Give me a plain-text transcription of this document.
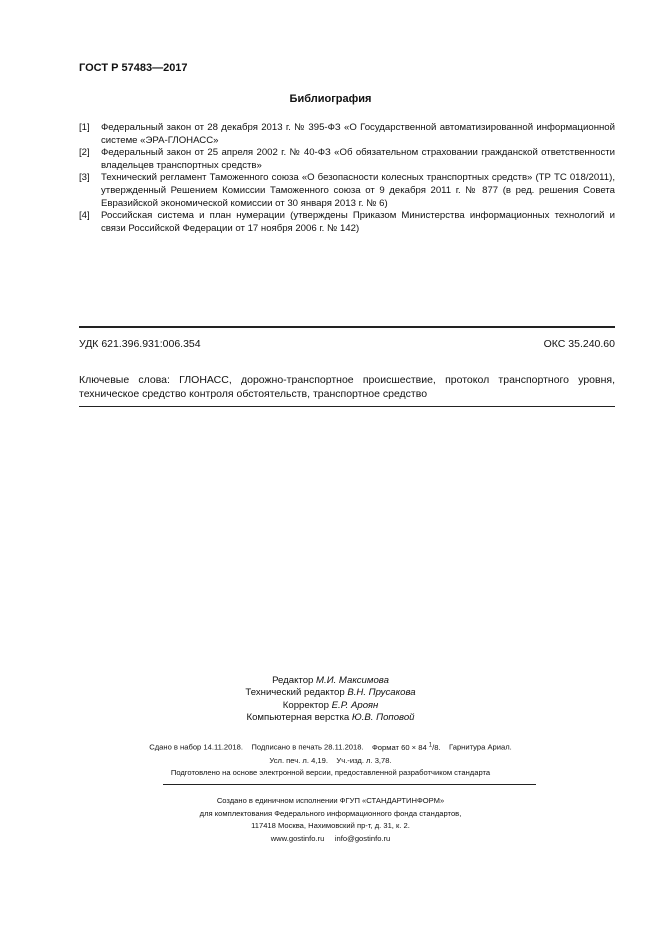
ГОСТ Р 57483—2017
Библиография
[1]	Федеральный закон от 28 декабря 2013 г. № 395-ФЗ «О Государственной автоматизированной информационной системе «ЭРА-ГЛОНАСС»
[2]	Федеральный закон от 25 апреля 2002 г. № 40-ФЗ «Об обязательном страховании гражданской ответственности владельцев транспортных средств»
[3]	Технический регламент Таможенного союза «О безопасности колесных транспортных средств» (ТР ТС 018/2011), утвержденный Решением Комиссии Таможенного союза от 9 декабря 2011 г. № 877 (в ред. решения Совета Евразийской экономической комиссии от 30 января 2013 г. № 6)
[4]	Российская система и план нумерации (утверждены Приказом Министерства информационных технологий и связи Российской Федерации от 17 ноября 2006 г. № 142)
УДК 621.396.931:006.354	ОКС 35.240.60
Ключевые слова: ГЛОНАСС, дорожно-транспортное происшествие, протокол транспортного уровня, техническое средство контроля обстоятельств, транспортное средство
Редактор М.И. Максимова
Технический редактор В.Н. Прусакова
Корректор Е.Р. Ароян
Компьютерная верстка Ю.В. Поповой
Сдано в набор 14.11.2018. Подписано в печать 28.11.2018. Формат 60 × 84 $^1$/8. Гарнитура Ариал.
Усл. печ. л. 4,19. Уч.-изд. л. 3,78.
Подготовлено на основе электронной версии, предоставленной разработчиком стандарта
Создано в единичном исполнении ФГУП «СТАНДАРТИНФОРМ»
для комплектования Федерального информационного фонда стандартов,
117418 Москва, Нахимовский пр-т, д. 31, к. 2.
www.gostinfo.ru info@gostinfo.ru
